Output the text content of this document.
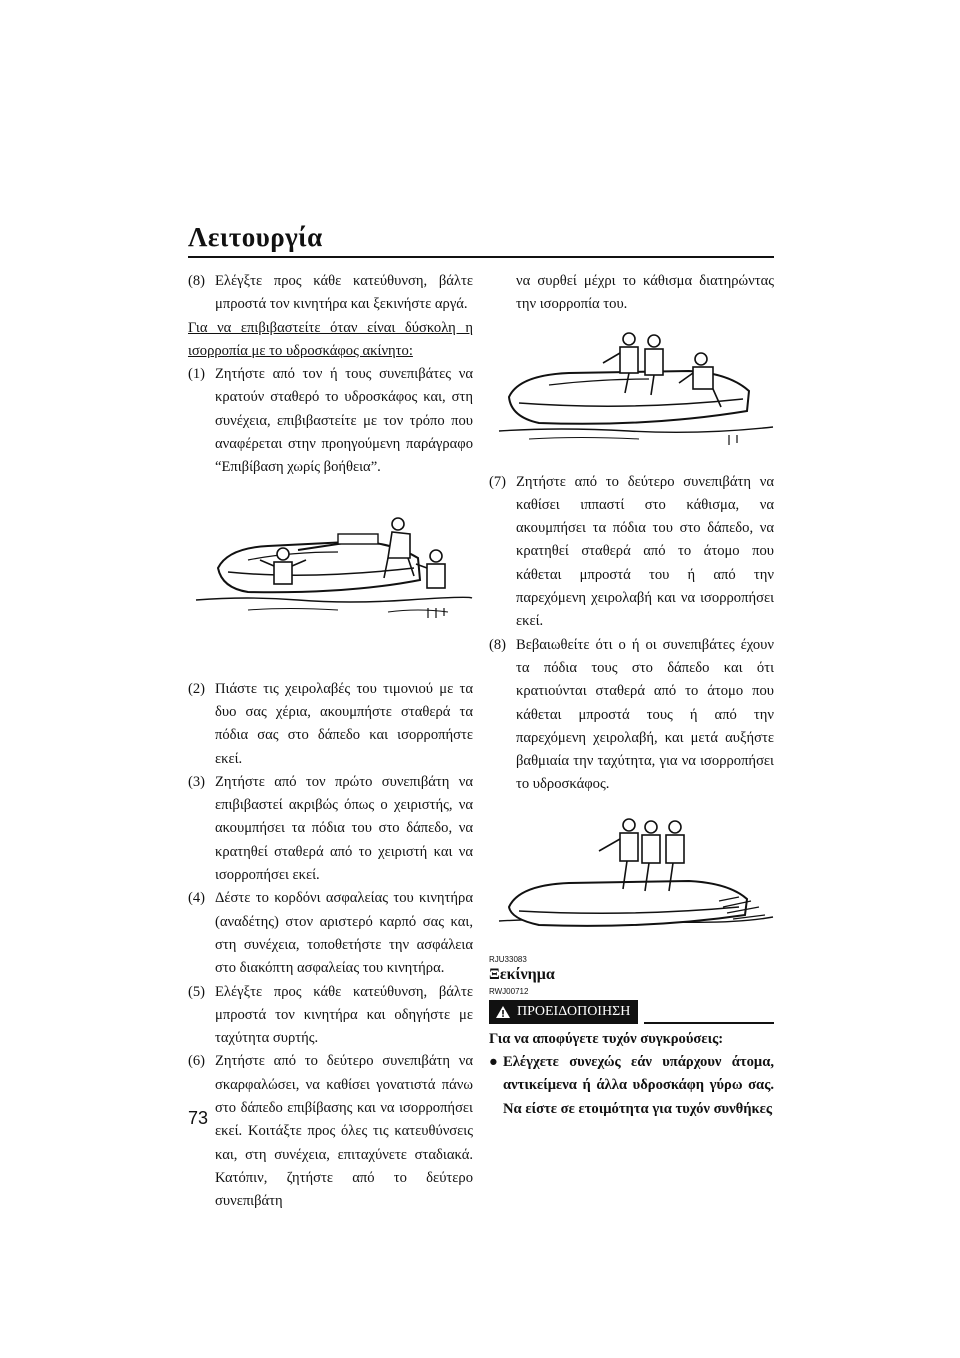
Λειτουργία
(8) Ελέγξτε προς κάθε κατεύθυνση, βάλτε μπροστά τον κινητήρα και ξεκινήστε αργά.
Για να επιβιβαστείτε όταν είναι δύσκολη η ισορροπία με το υδροσκάφος ακίνητο:
(1) Ζητήστε από τον ή τους συνεπιβάτες να κρατούν σταθερό το υδροσκάφος και, στη συνέχεια, επιβιβαστείτε με τον τρόπο που αναφέρεται στην προηγούμενη παράγραφο “Επιβίβαση χωρίς βοήθεια”.
(2) Πιάστε τις χειρολαβές του τιμονιού με τα δυο σας χέρια, ακουμπήστε σταθερά τα πόδια σας στο δάπεδο και ισορροπήστε εκεί.
(3) Ζητήστε από τον πρώτο συνεπιβάτη να επιβιβαστεί ακριβώς όπως ο χειριστής, να ακουμπήσει τα πόδια του στο δάπεδο, να κρατηθεί σταθερά από το χειριστή και να ισορροπήσει εκεί.
(4) Δέστε το κορδόνι ασφαλείας του κινητήρα (αναδέτης) στον αριστερό καρπό σας και, στη συνέχεια, τοποθετήστε την ασφάλεια στο διακόπτη ασφαλείας του κινητήρα.
(5) Ελέγξτε προς κάθε κατεύθυνση, βάλτε μπροστά τον κινητήρα και οδηγήστε με ταχύτητα συρτής.
(6) Ζητήστε από το δεύτερο συνεπιβάτη να σκαρφαλώσει, να καθίσει γονατιστά πάνω στο δάπεδο επιβίβασης και να ισορροπήσει εκεί. Κοιτάξτε προς όλες τις κατευθύνσεις και, στη συνέχεια, επιταχύνετε σταδιακά. Κατόπιν, ζητήστε από το δεύτερο συνεπιβάτη
να συρθεί μέχρι το κάθισμα διατηρώντας την ισορροπία του.
(7) Ζητήστε από το δεύτερο συνεπιβάτη να καθίσει ιππαστί στο κάθισμα, να ακουμπήσει τα πόδια του στο δάπεδο, να κρατηθεί σταθερά από το άτομο που κάθεται μπροστά του ή από την παρεχόμενη χειρολαβή και να ισορροπήσει εκεί.
(8) Βεβαιωθείτε ότι ο ή οι συνεπιβάτες έχουν τα πόδια τους στο δάπεδο και ότι κρατιούνται σταθερά από το άτομο που κάθεται μπροστά τους ή από την παρεχόμενη χειρολαβή, και μετά αυξήστε βαθμιαία την ταχύτητα, για να ισορροπήσει το υδροσκάφος.
RJU33083
Ξεκίνημα
RWJ00712
ΠΡΟΕΙΔΟΠΟΙΗΣΗ
Για να αποφύγετε τυχόν συγκρούσεις:
● Ελέγχετε συνεχώς εάν υπάρχουν άτομα, αντικείμενα ή άλλα υδροσκάφη γύρω σας. Να είστε σε ετοιμότητα για τυχόν συνθήκες
73
